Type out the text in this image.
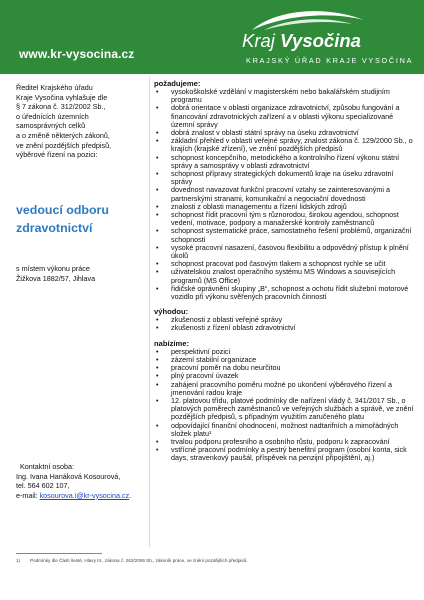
www.kr-vysocina.cz
Kraj Vysočina
KRAJSKÝ ÚŘAD KRAJE VYSOČINA
Ředitel Krajského úřadu
Kraje Vysočina vyhlašuje dle
§ 7 zákona č. 312/2002 Sb.,
o úřednících územních
samosprávných celků
a o změně některých zákonů,
ve znění pozdějších předpisů,
výběrové řízení na pozici:
vedoucí odboru
zdravotnictví
s místem výkonu práce
Žižkova 1882/57, Jihlava
Kontaktní osoba:
Ing. Ivana Hanáková Kosourová,
tel. 564 602 107,
e-mail: kosourova.i@kr-vysocina.cz.
požadujeme:
• vysokoškolské vzdělání v magisterském nebo bakalářském studijním programu
• dobrá orientace v oblasti organizace zdravotnictví, způsobu fungování a financování zdravotnických zařízení a v oblasti výkonu specializované územní správy
• dobrá znalost v oblasti státní správy na úseku zdravotnictví
• základní přehled v oblasti veřejné správy, znalost zákona č. 129/2000 Sb., o krajích (krajské zřízení), ve znění pozdějších předpisů
• schopnost koncepčního, metodického a kontrolního řízení výkonu státní správy a samosprávy v oblasti zdravotnictví
• schopnost přípravy strategických dokumentů kraje na úseku zdravotní správy
• dovednost navazovat funkční pracovní vztahy se zainteresovanými a partnerskými stranami, komunikační a negociační dovednosti
• znalosti z oblasti managementu a řízení lidských zdrojů
• schopnost řídit pracovní tým s různorodou, širokou agendou, schopnost vedení, motivace, podpory a manažerské kontroly zaměstnanců
• schopnost systematické práce, samostatného řešení problémů, organizační schopnosti
• vysoké pracovní nasazení, časovou flexibilitu a odpovědný přístup k plnění úkolů
• schopnost pracovat pod časovým tlakem a schopnost rychle se učit
• uživatelskou znalost operačního systému MS Windows a souvisejících programů (MS Office)
• řidičské oprávnění skupiny „B“, schopnost a ochotu řídit služební motorové vozidlo při výkonu svěřených pracovních činností
výhodou:
• zkušenosti z oblasti veřejné správy
• zkušenosti z řízení oblasti zdravotnictví
nabízíme:
• perspektivní pozici
• zázemí stabilní organizace
• pracovní poměr na dobu neurčitou
• plný pracovní úvazek
• zahájení pracovního poměru možné po ukončení výběrového řízení a jmenování radou kraje
• 12. platovou třídu, platové podmínky dle nařízení vlády č. 341/2017 Sb., o platových poměrech zaměstnanců ve veřejných službách a správě, ve znění pozdějších předpisů, s případným využitím zaručeného platu
• odpovídající finanční ohodnocení, možnost nadtarifních a mimořádných složek platu¹
• trvalou podporu profesního a osobního růstu, podporu k zapracování
• vstřícné pracovní podmínky a pestrý benefitní program (osobní konta, sick days, stravenkový paušál, příspěvek na penzijní připojištění, aj.)
1) Podmínky dle Části šesté, Hlavy III., zákona č. 262/2006 Sb., zákoník práce, ve znění pozdějších předpisů.
